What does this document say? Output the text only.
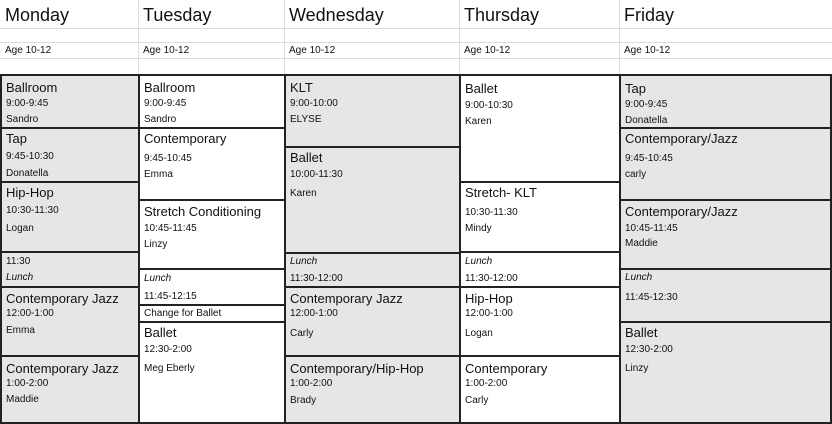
Monday
Age 10-12
Ballroom
9:00-9:45
Sandro
Tap
9:45-10:30
Donatella
Hip-Hop
10:30-11:30
Logan
11:30
Lunch
Contemporary Jazz
12:00-1:00
Emma
Contemporary Jazz
1:00-2:00
Maddie
Tuesday
Age 10-12
Ballroom
9:00-9:45
Sandro
Contemporary
9:45-10:45
Emma
Stretch Conditioning
10:45-11:45
Linzy
Lunch
11:45-12:15
Change for Ballet
Ballet
12:30-2:00
Meg Eberly
Wednesday
Age 10-12
KLT
9:00-10:00
ELYSE
Ballet
10:00-11:30
Karen
Lunch
11:30-12:00
Contemporary Jazz
12:00-1:00
Carly
Contemporary/Hip-Hop
1:00-2:00
Brady
Thursday
Age 10-12
Ballet
9:00-10:30
Karen
Stretch- KLT
10:30-11:30
Mindy
Lunch
11:30-12:00
Hip-Hop
12:00-1:00
Logan
Contemporary
1:00-2:00
Carly
Friday
Age 10-12
Tap
9:00-9:45
Donatella
Contemporary/Jazz
9:45-10:45
carly
Contemporary/Jazz
10:45-11:45
Maddie
Lunch
11:45-12:30
Ballet
12:30-2:00
Linzy
